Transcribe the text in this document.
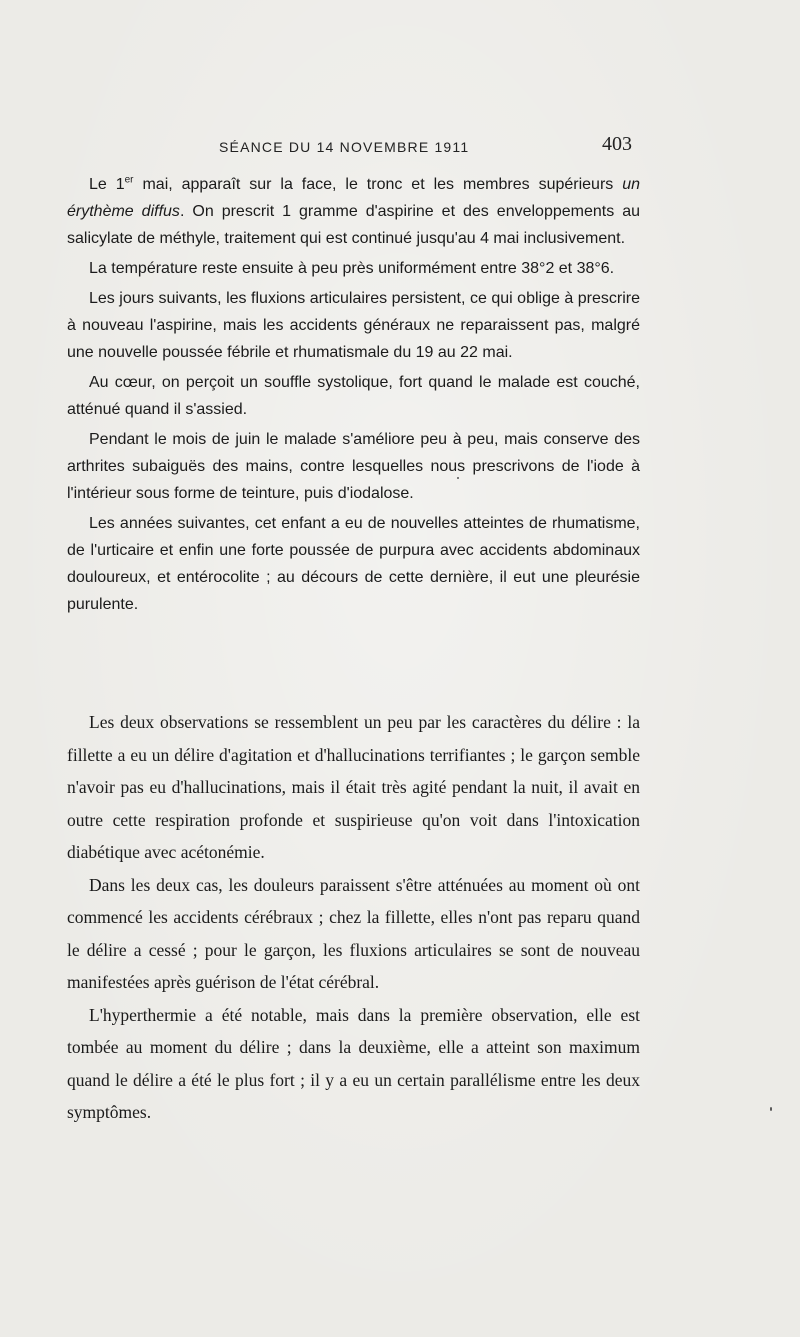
SÉANCE DU 14 NOVEMBRE 1911	403

Le 1er mai, apparaît sur la face, le tronc et les membres supérieurs un érythème diffus. On prescrit 1 gramme d'aspirine et des enveloppements au salicylate de méthyle, traitement qui est continué jusqu'au 4 mai inclusivement.

La température reste ensuite à peu près uniformément entre 38°2 et 38°6.

Les jours suivants, les fluxions articulaires persistent, ce qui oblige à prescrire à nouveau l'aspirine, mais les accidents généraux ne reparaissent pas, malgré une nouvelle poussée fébrile et rhumatismale du 19 au 22 mai.

Au cœur, on perçoit un souffle systolique, fort quand le malade est couché, atténué quand il s'assied.

Pendant le mois de juin le malade s'améliore peu à peu, mais conserve des arthrites subaiguës des mains, contre lesquelles nous prescrivons de l'iode à l'intérieur sous forme de teinture, puis d'iodalose.

Les années suivantes, cet enfant a eu de nouvelles atteintes de rhumatisme, de l'urticaire et enfin une forte poussée de purpura avec accidents abdominaux douloureux, et entérocolite ; au décours de cette dernière, il eut une pleurésie purulente.

Les deux observations se ressemblent un peu par les caractères du délire : la fillette a eu un délire d'agitation et d'hallucinations terrifiantes ; le garçon semble n'avoir pas eu d'hallucinations, mais il était très agité pendant la nuit, il avait en outre cette respiration profonde et suspirieuse qu'on voit dans l'intoxication diabétique avec acétonémie.

Dans les deux cas, les douleurs paraissent s'être atténuées au moment où ont commencé les accidents cérébraux ; chez la fillette, elles n'ont pas reparu quand le délire a cessé ; pour le garçon, les fluxions articulaires se sont de nouveau manifestées après guérison de l'état cérébral.

L'hyperthermie a été notable, mais dans la première observation, elle est tombée au moment du délire ; dans la deuxième, elle a atteint son maximum quand le délire a été le plus fort ; il y a eu un certain parallélisme entre les deux symptômes.
